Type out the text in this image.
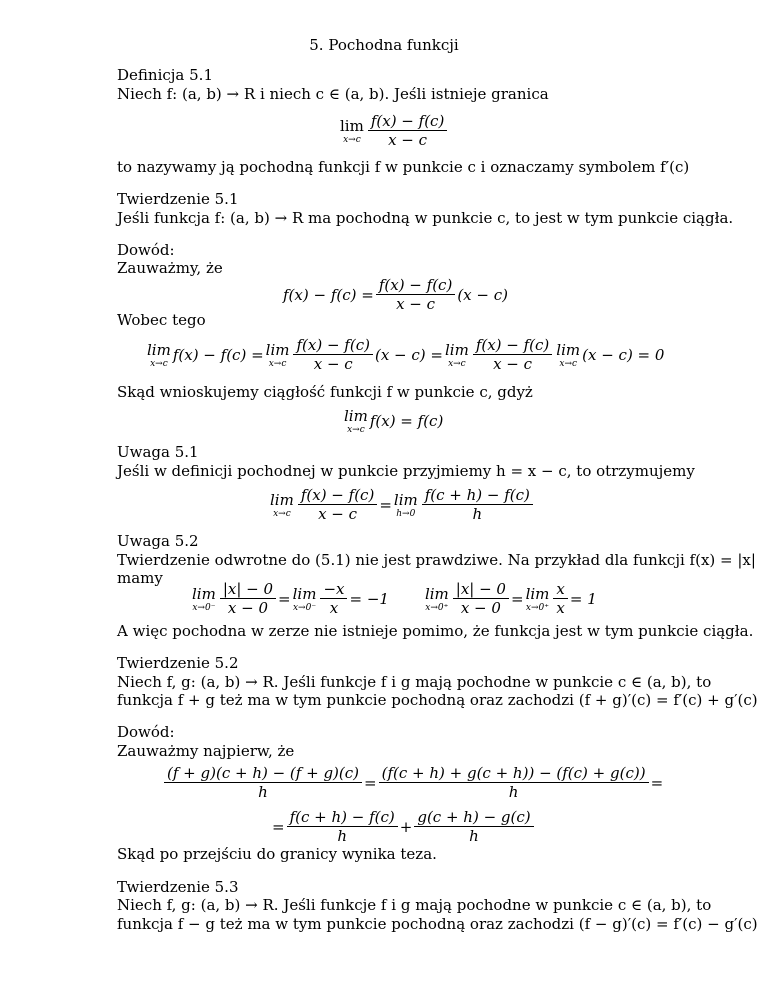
5. Pochodna funkcji
Definicja 5.1
Niech f: (a, b) → R i niech c ∈ (a, b). Jeśli istnieje granica
lim
$x\to c \frac{f(x) - f(c)}{x - c}$
to nazywamy ją pochodną funkcji f w punkcie c i oznaczamy symbolem f′(c)
Twierdzenie 5.1
Jeśli funkcja f: (a, b) → R ma pochodną w punkcie c, to jest w tym punkcie ciągła.
Dowód:
Zauważmy, że
$f(x) - f(c) = \frac{f(x) - f(c)}{x - c} (x - c)$
Wobec tego
lim
x→c f(x) − f(c) = lim
$x\to c \frac{f(x) - f(c)}{x - c} (x - c) = \lim$
$x\to c \frac{f(x) - f(c)}{x - c}$ lim
x→c (x − c) = 0
Skąd wnioskujemy ciągłość funkcji f w punkcie c, gdyż
lim
x→c f(x) = f(c)
Uwaga 5.1
Jeśli w definicji pochodnej w punkcie przyjmiemy h = x − c, to otrzymujemy
lim
$x\to c \frac{f(x) - f(c)}{x - c} = \lim$
$h\to 0 \frac{f(c + h) - f(c)}{h}$
Uwaga 5.2
Twierdzenie odwrotne do (5.1) nie jest prawdziwe. Na przykład dla funkcji f(x) = |x|
mamy
lim
$x\to 0^- \frac{|x| - 0}{x - 0} = \lim$
$x\to 0^- \frac{-x}{x} = -1$ lim
$x\to 0^+ \frac{|x| - 0}{x - 0} = \lim$
$x\to 0^+ \frac{x}{x} = 1$
A więc pochodna w zerze nie istnieje pomimo, że funkcja jest w tym punkcie ciągła.
Twierdzenie 5.2
Niech f, g: (a, b) → R. Jeśli funkcje f i g mają pochodne w punkcie c ∈ (a, b), to
funkcja f + g też ma w tym punkcie pochodną oraz zachodzi (f + g)′(c) = f′(c) + g′(c)
Dowód:
Zauważmy najpierw, że
$\frac{(f + g)(c + h) - (f + g)(c)}{h} = \frac{(f(c + h) + g(c + h)) - (f(c) + g(c))}{h}$ =
= $\frac{f(c + h) - f(c)}{h} + \frac{g(c + h) - g(c)}{h}$
Skąd po przejściu do granicy wynika teza.
Twierdzenie 5.3
Niech f, g: (a, b) → R. Jeśli funkcje f i g mają pochodne w punkcie c ∈ (a, b), to
funkcja f − g też ma w tym punkcie pochodną oraz zachodzi (f − g)′(c) = f′(c) − g′(c)
